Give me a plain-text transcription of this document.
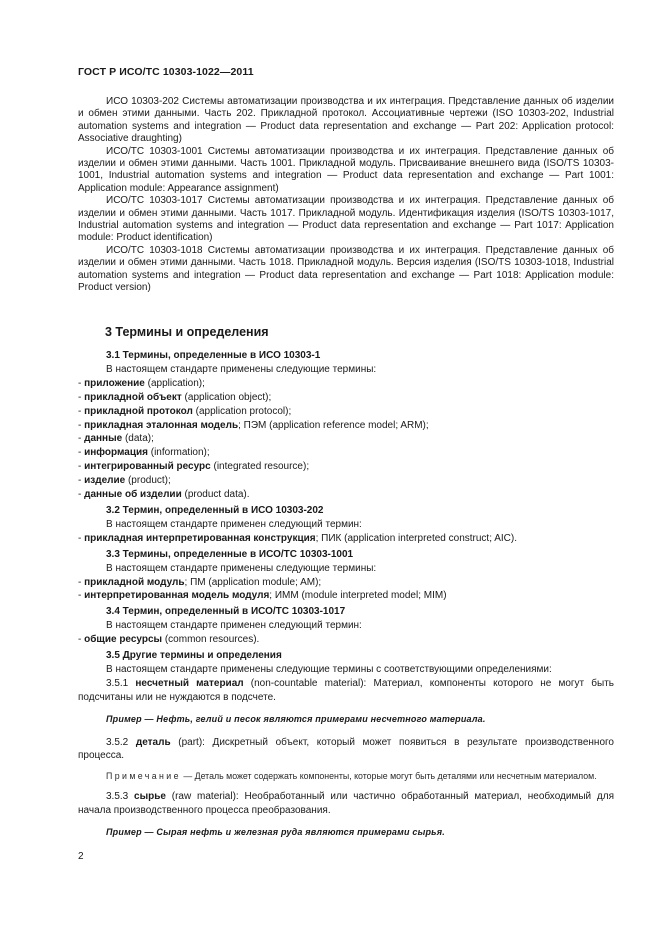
ГОСТ Р ИСО/ТС 10303-1022—2011

ИСО 10303-202 Системы автоматизации производства и их интеграция. Представление данных об изделии и обмен этими данными. Часть 202. Прикладной протокол. Ассоциативные чертежи (ISO 10303-202, Industrial automation systems and integration — Product data representation and exchange — Part 202: Application protocol: Associative draughting)

ИСО/ТС 10303-1001 Системы автоматизации производства и их интеграция. Представление данных об изделии и обмен этими данными. Часть 1001. Прикладной модуль. Присваивание внешнего вида (ISO/TS 10303-1001, Industrial automation systems and integration — Product data representation and exchange — Part 1001: Application module: Appearance assignment)

ИСО/ТС 10303-1017 Системы автоматизации производства и их интеграция. Представление данных об изделии и обмен этими данными. Часть 1017. Прикладной модуль. Идентификация изделия (ISO/TS 10303-1017, Industrial automation systems and integration — Product data representation and exchange — Part 1017: Application module: Product identification)

ИСО/ТС 10303-1018 Системы автоматизации производства и их интеграция. Представление данных об изделии и обмен этими данными. Часть 1018. Прикладной модуль. Версия изделия (ISO/TS 10303-1018, Industrial automation systems and integration — Product data representation and exchange — Part 1018: Application module: Product version)

3 Термины и определения

3.1 Термины, определенные в ИСО 10303-1

В настоящем стандарте применены следующие термины:

- приложение (application);

- прикладной объект (application object);

- прикладной протокол (application protocol);

- прикладная эталонная модель; ПЭМ (application reference model; ARM);

- данные (data);

- информация (information);

- интегрированный ресурс (integrated resource);

- изделие (product);

- данные об изделии (product data).

3.2 Термин, определенный в ИСО 10303-202

В настоящем стандарте применен следующий термин:

- прикладная интерпретированная конструкция; ПИК (application interpreted construct; AIC).

3.3 Термины, определенные в ИСО/ТС 10303-1001

В настоящем стандарте применены следующие термины:

- прикладной модуль; ПМ (application module; AM);

- интерпретированная модель модуля; ИММ (module interpreted model; MIM)

3.4 Термин, определенный в ИСО/ТС 10303-1017

В настоящем стандарте применен следующий термин:

- общие ресурсы (common resources).

3.5 Другие термины и определения

В настоящем стандарте применены следующие термины с соответствующими определениями:

3.5.1 несчетный материал (non-countable material): Материал, компоненты которого не могут быть подсчитаны или не нуждаются в подсчете.

Пример — Нефть, гелий и песок являются примерами несчетного материала.

3.5.2 деталь (part): Дискретный объект, который может появиться в результате производственного процесса.

Примечание — Деталь может содержать компоненты, которые могут быть деталями или несчетным материалом.

3.5.3 сырье (raw material): Необработанный или частично обработанный материал, необходимый для начала производственного процесса преобразования.

Пример — Сырая нефть и железная руда являются примерами сырья.

2
